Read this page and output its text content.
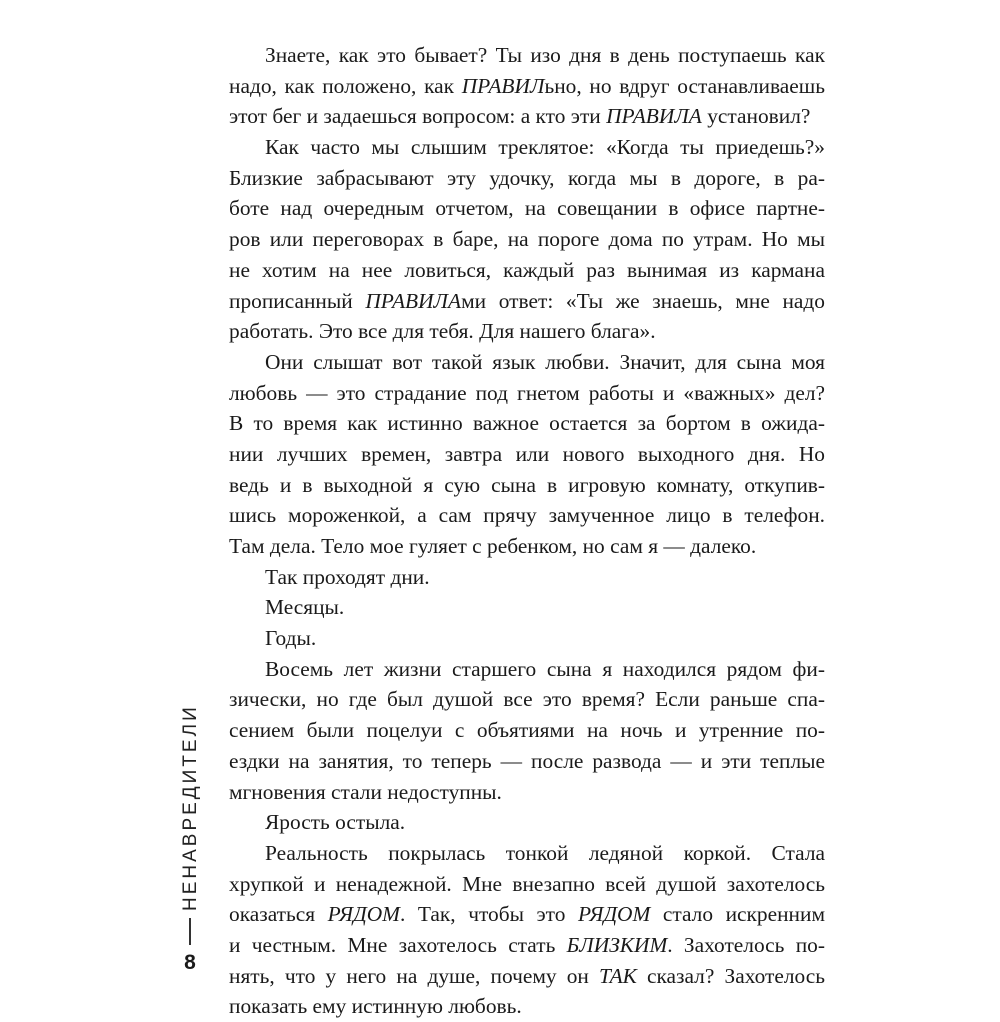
Знаете, как это бывает? Ты изо дня в день поступаешь как
надо, как положено, как ПРАВИЛьно, но вдруг останавливаешь
этот бег и задаешься вопросом: а кто эти ПРАВИЛА установил?
Как часто мы слышим треклятое: «Когда ты приедешь?»
Близкие забрасывают эту удочку, когда мы в дороге, в ра-
боте над очередным отчетом, на совещании в офисе партне-
ров или переговорах в баре, на пороге дома по утрам. Но мы
не хотим на нее ловиться, каждый раз вынимая из кармана
прописанный ПРАВИЛАми ответ: «Ты же знаешь, мне надо
работать. Это все для тебя. Для нашего блага».
Они слышат вот такой язык любви. Значит, для сына моя
любовь — это страдание под гнетом работы и «важных» дел?
В то время как истинно важное остается за бортом в ожида-
нии лучших времен, завтра или нового выходного дня. Но
ведь и в выходной я сую сына в игровую комнату, откупив-
шись мороженкой, а сам прячу замученное лицо в телефон.
Там дела. Тело мое гуляет с ребенком, но сам я — далеко.
Так проходят дни.
Месяцы.
Годы.
Восемь лет жизни старшего сына я находился рядом фи-
зически, но где был душой все это время? Если раньше спа-
сением были поцелуи с объятиями на ночь и утренние по-
ездки на занятия, то теперь — после развода — и эти теплые
мгновения стали недоступны.
Ярость остыла.
Реальность покрылась тонкой ледяной коркой. Стала
хрупкой и ненадежной. Мне внезапно всей душой захотелось
оказаться РЯДОМ. Так, чтобы это РЯДОМ стало искренним
и честным. Мне захотелось стать БЛИЗКИМ. Захотелось по-
нять, что у него на душе, почему он ТАК сказал? Захотелось
показать ему истинную любовь.
НЕНАВРЕДИТЕЛИ
8
